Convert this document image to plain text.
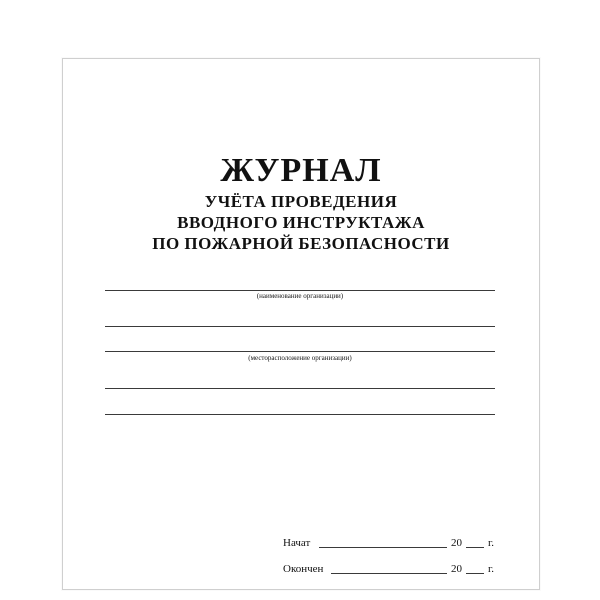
ЖУРНАЛ
УЧЁТА ПРОВЕДЕНИЯ
ВВОДНОГО ИНСТРУКТАЖА
ПО ПОЖАРНОЙ БЕЗОПАСНОСТИ
(наименование организации)
(месторасположение организации)
Начат	20 г.
Окончен	20 г.
